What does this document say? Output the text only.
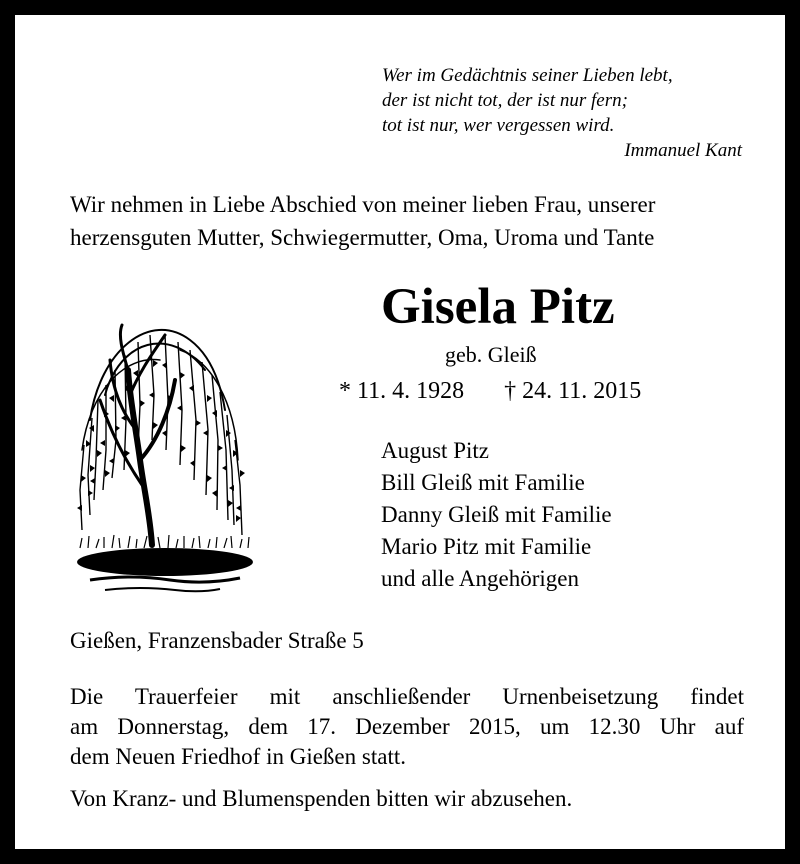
Wer im Gedächtnis seiner Lieben lebt,
der ist nicht tot, der ist nur fern;
tot ist nur, wer vergessen wird.
Immanuel Kant
Wir nehmen in Liebe Abschied von meiner lieben Frau, unserer
herzensguten Mutter, Schwiegermutter, Oma, Uroma und Tante
Gisela Pitz
geb. Gleiß
* 11. 4. 1928 † 24. 11. 2015
August Pitz
Bill Gleiß mit Familie
Danny Gleiß mit Familie
Mario Pitz mit Familie
und alle Angehörigen
Gießen, Franzensbader Straße 5
Die Trauerfeier mit anschließender Urnenbeisetzung findet
am Donnerstag, dem 17. Dezember 2015, um 12.30 Uhr auf
dem Neuen Friedhof in Gießen statt.
Von Kranz- und Blumenspenden bitten wir abzusehen.
